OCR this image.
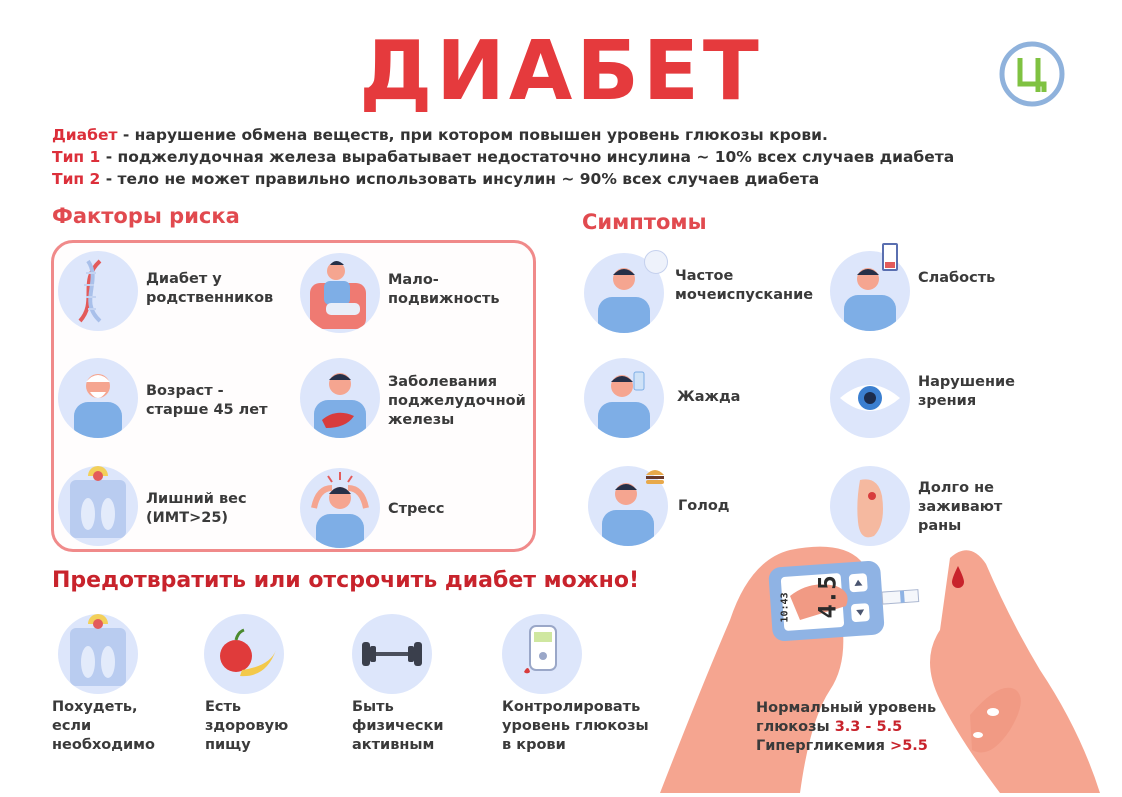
ДИАБЕТ
Диабет - нарушение обмена веществ, при котором повышен уровень глюкозы крови.
Тип 1 - поджелудочная железа вырабатывает недостаточно инсулина ~ 10% всех случаев диабета
Тип 2 - тело не может правильно использовать инсулин ~ 90% всех случаев диабета
Факторы риска
Диабет у
родственников
Мало-
подвижность
Возраст -
старше 45 лет
Заболевания
поджелудочной
железы
Лишний вес
(ИМТ>25)
Стресс
Симптомы
Частое
мочеиспускание
Слабость
Жажда
Нарушение
зрения
Голод
Долго не
заживают
раны
Предотвратить или отсрочить диабет можно!
Похудеть,
если
необходимо
Есть
здоровую
пищу
Быть
физически
активным
Контролировать
уровень глюкозы
в крови
4.5
10:43
Нормальный уровень
глюкозы 3.3 - 5.5
Гипергликемия >5.5
